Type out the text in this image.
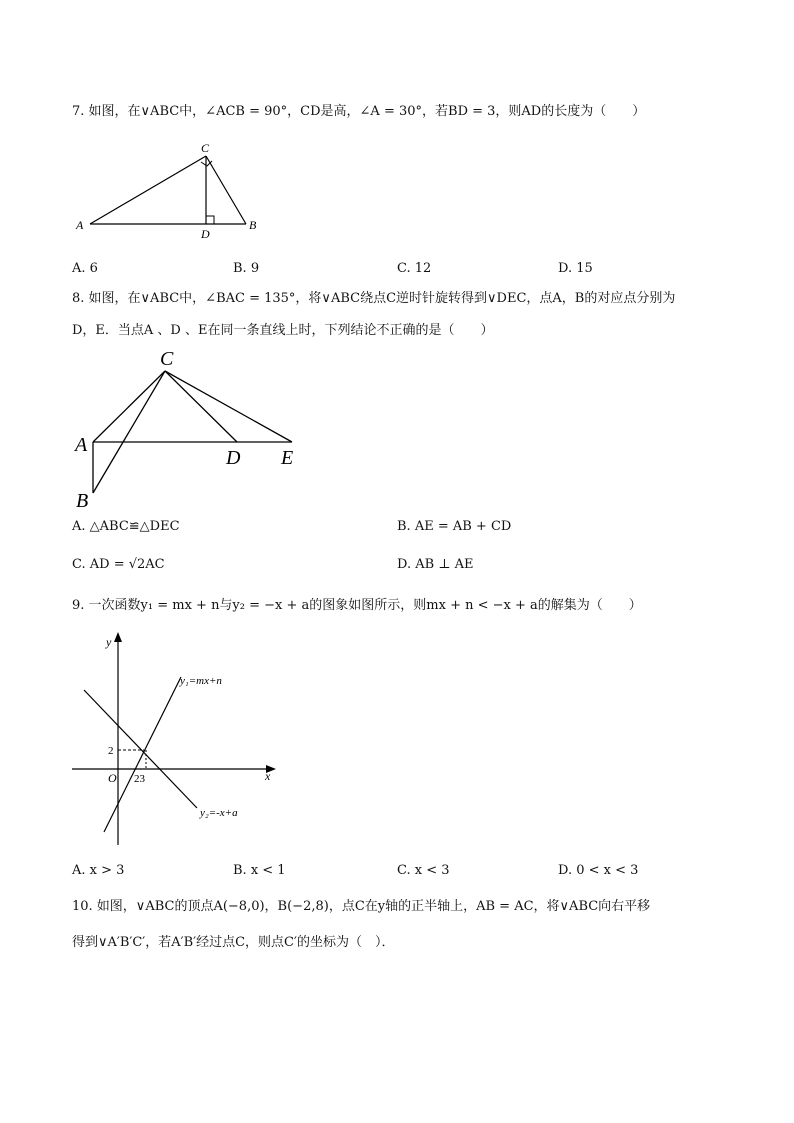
7. 如图，在∨ABC中，∠ACB = 90°，CD是高，∠A = 30°，若BD = 3，则AD的长度为（　　）
C
A
D
B
A. 6	B. 9	C. 12	D. 15
8. 如图，在∨ABC中，∠BAC = 135°，将∨ABC绕点C逆时针旋转得到∨DEC，点A，B的对应点分别为
D，E．当点A 、D 、E在同一条直线上时，下列结论不正确的是（　　）
C
A
D E
B
A. △ABC≌△DEC	B. AE = AB + CD
C. AD = √2AC	D. AB ⊥ AE
9. 一次函数y₁ = mx + n与y₂ = −x + a的图象如图所示，则mx + n < −x + a的解集为（　　）
y
x
O
2
23
y₁=mx+n
y₂=-x+a
A. x > 3	B. x < 1	C. x < 3	D. 0 < x < 3
10. 如图，∨ABC的顶点A(−8,0)，B(−2,8)，点C在y轴的正半轴上，AB = AC，将∨ABC向右平移
得到∨A′B′C′，若A′B′经过点C，则点C′的坐标为（　）．
